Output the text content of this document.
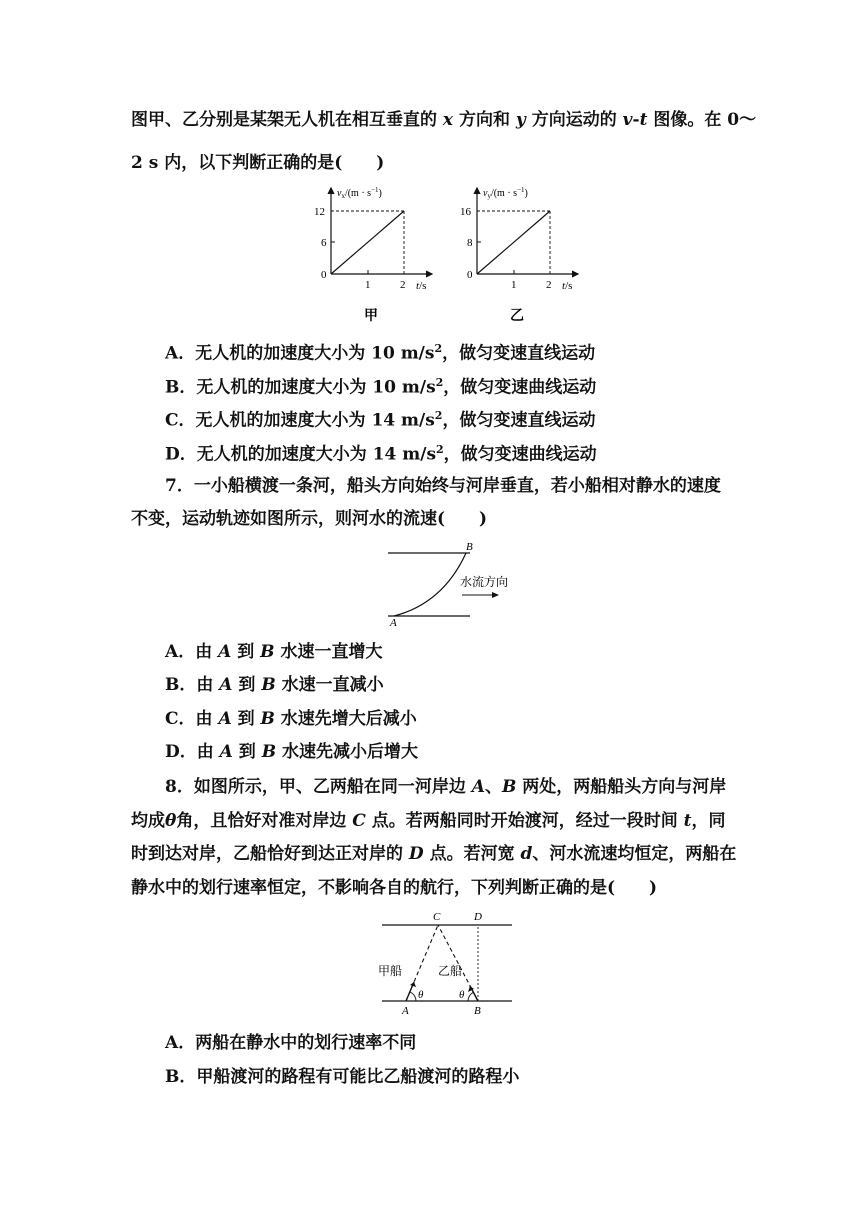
图甲、乙分别是某架无人机在相互垂直的 x 方向和 y 方向运动的 v-t 图像。在 0～
2 s 内，以下判断正确的是(　　)
$v_x/(m \cdot s^{-1})$
12
6
0
1	2 t/s
甲
$v_y/(m \cdot s^{-1})$
16
8
0
1	2 t/s
乙
A．无人机的加速度大小为 10 $m/s^2$，做匀变速直线运动
B．无人机的加速度大小为 10 $m/s^2$，做匀变速曲线运动
C．无人机的加速度大小为 14 $m/s^2$，做匀变速直线运动
D．无人机的加速度大小为 14 $m/s^2$，做匀变速曲线运动
7．一小船横渡一条河，船头方向始终与河岸垂直，若小船相对静水的速度
不变，运动轨迹如图所示，则河水的流速(　　)
A
B
水流方向
A．由 A 到 B 水速一直增大
B．由 A 到 B 水速一直减小
C．由 A 到 B 水速先增大后减小
D．由 A 到 B 水速先减小后增大
8．如图所示，甲、乙两船在同一河岸边 A、B 两处，两船船头方向与河岸
均成θ角，且恰好对准对岸边 C 点。若两船同时开始渡河，经过一段时间 t，同
时到达对岸，乙船恰好到达正对岸的 D 点。若河宽 d、河水流速均恒定，两船在
静水中的划行速率恒定，不影响各自的航行，下列判断正确的是(　　)
C	D
A	B
甲船	乙船
θ	θ
A．两船在静水中的划行速率不同
B．甲船渡河的路程有可能比乙船渡河的路程小
